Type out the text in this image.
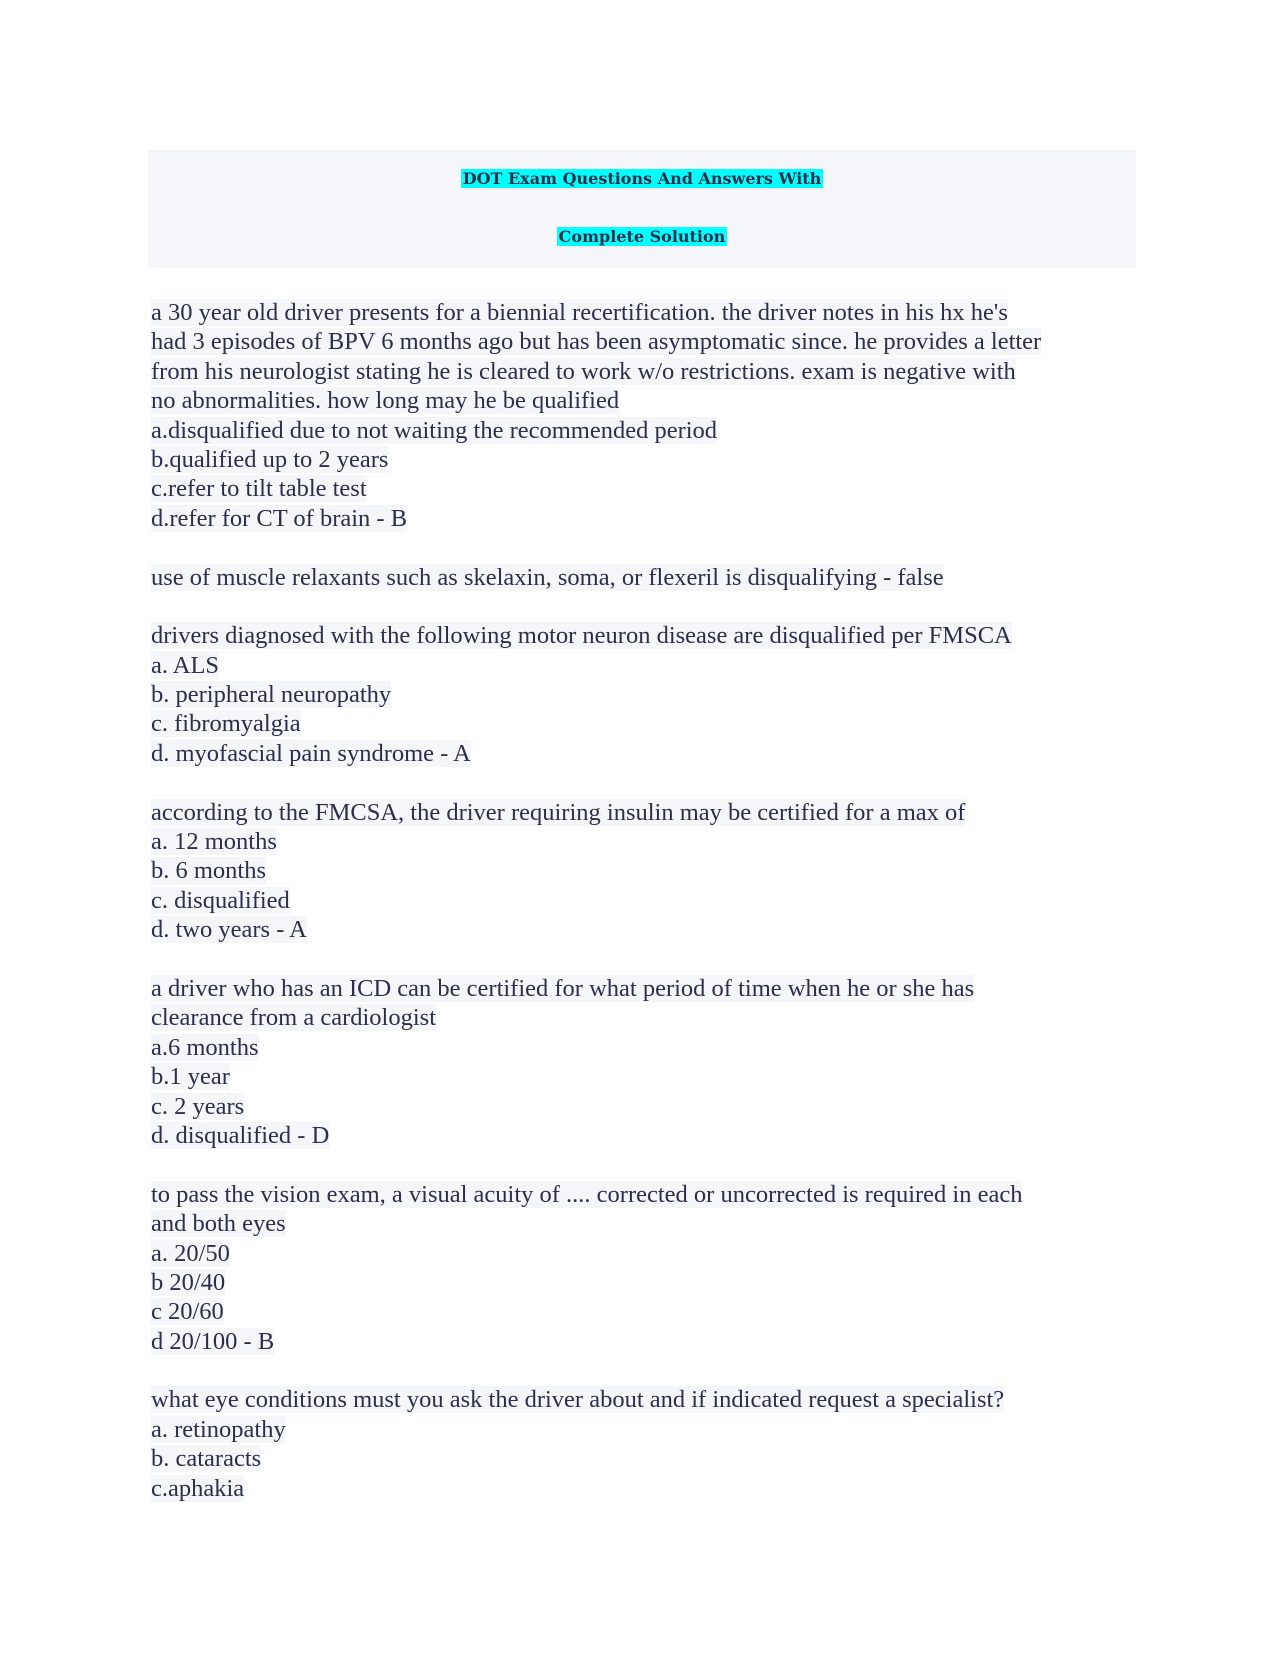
DOT Exam Questions And Answers With
Complete Solution
a 30 year old driver presents for a biennial recertification. the driver notes in his hx he's
had 3 episodes of BPV 6 months ago but has been asymptomatic since. he provides a letter
from his neurologist stating he is cleared to work w/o restrictions. exam is negative with
no abnormalities. how long may he be qualified
a.disqualified due to not waiting the recommended period
b.qualified up to 2 years
c.refer to tilt table test
d.refer for CT of brain - B
use of muscle relaxants such as skelaxin, soma, or flexeril is disqualifying - false
drivers diagnosed with the following motor neuron disease are disqualified per FMSCA
a. ALS
b. peripheral neuropathy
c. fibromyalgia
d. myofascial pain syndrome - A
according to the FMCSA, the driver requiring insulin may be certified for a max of
a. 12 months
b. 6 months
c. disqualified
d. two years - A
a driver who has an ICD can be certified for what period of time when he or she has
clearance from a cardiologist
a.6 months
b.1 year
c. 2 years
d. disqualified - D
to pass the vision exam, a visual acuity of .... corrected or uncorrected is required in each
and both eyes
a. 20/50
b 20/40
c 20/60
d 20/100 - B
what eye conditions must you ask the driver about and if indicated request a specialist?
a. retinopathy
b. cataracts
c.aphakia
